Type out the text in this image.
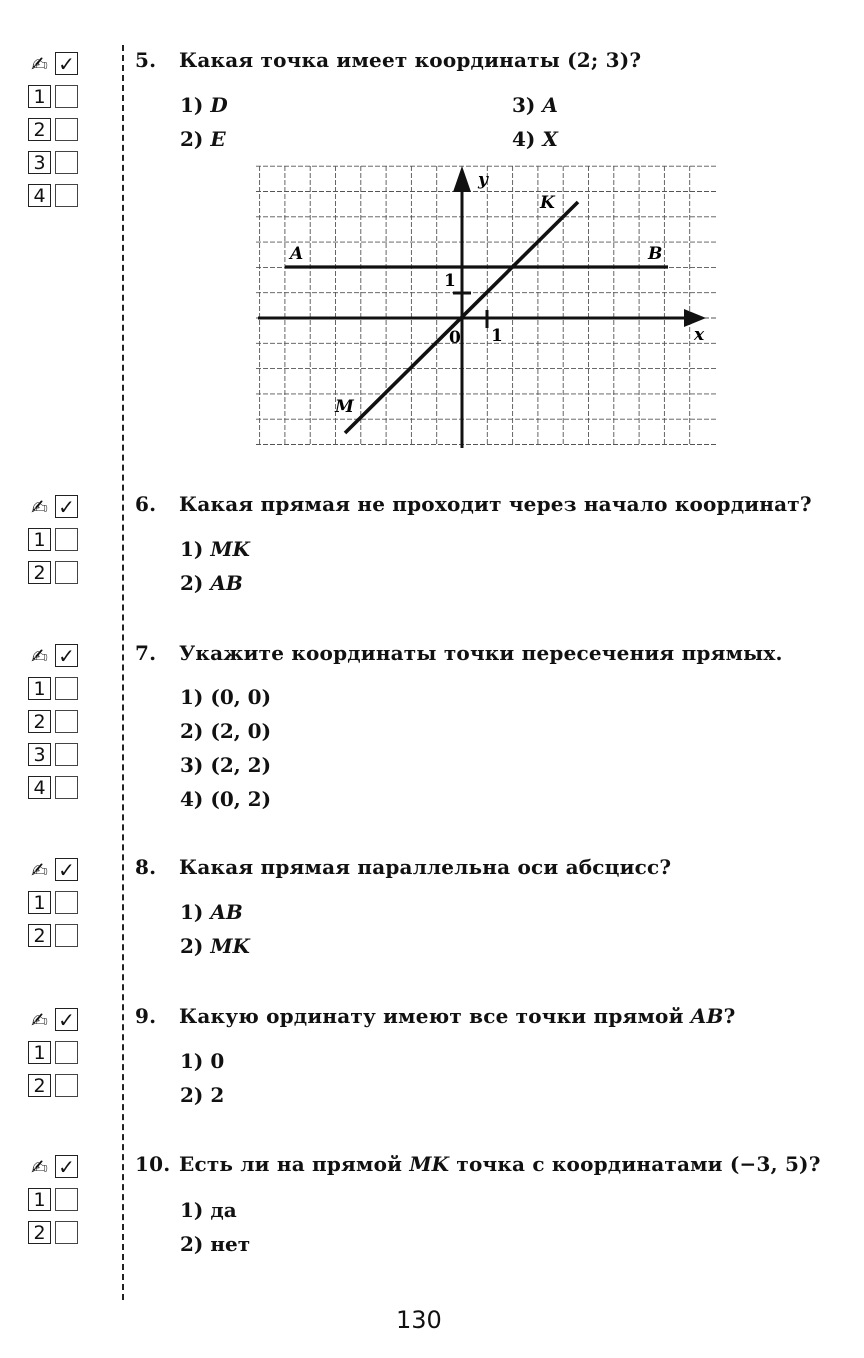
✍ ✓
1
2
3
4
5. Какая точка имеет координаты (2; 3)?
1) D
2) E
3) A
4) X
y
x
0 1
1
A	B
M
K
✍ ✓
1
2
6. Какая прямая не проходит через начало координат?
1) MK
2) AB
✍ ✓
1
2
3
4
7. Укажите координаты точки пересечения прямых.
1) (0, 0)
2) (2, 0)
3) (2, 2)
4) (0, 2)
✍ ✓
1
2
8. Какая прямая параллельна оси абсцисс?
1) AB
2) MK
✍ ✓
1
2
9. Какую ординату имеют все точки прямой AB?
1) 0
2) 2
✍ ✓
1
2
10. Есть ли на прямой MK точка с координатами (−3, 5)?
1) да
2) нет
130
